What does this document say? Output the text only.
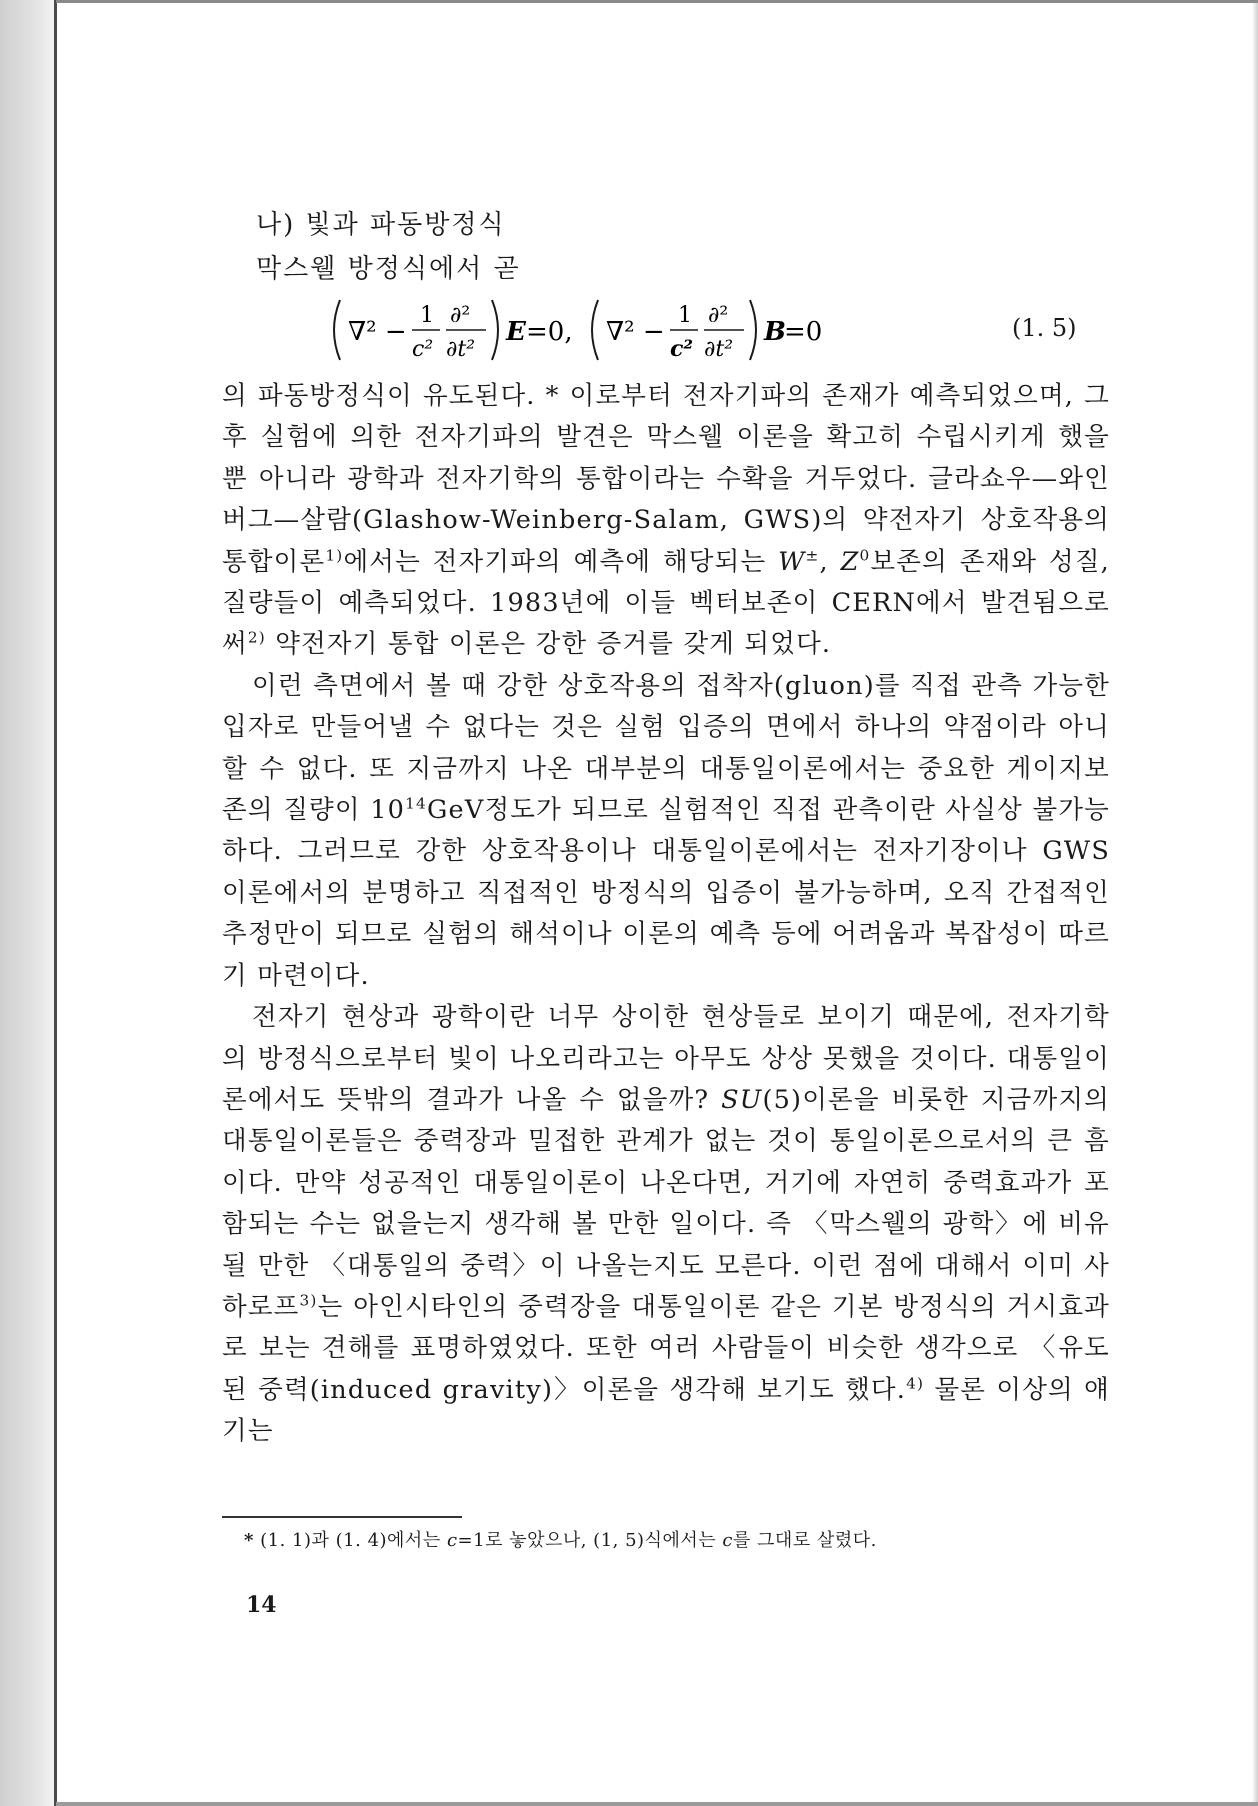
나) 빛과 파동방정식
막스웰 방정식에서 곧
∇² −
1
c²
∂²
∂t²
E =0, ∇² −
1
c²
∂²
∂t²
B
=0	(1. 5)

의 파동방정식이 유도된다. * 이로부터 전자기파의 존재가 예측되었으며, 그 후 실험에 의한 전자기파의 발견은 막스웰 이론을 확고히 수립시키게 했을 뿐 아니라 광학과 전자기학의 통합이라는 수확을 거두었다. 글라쇼우—와인버그—살람(Glashow-Weinberg-Salam, GWS)의 약전자기 상호작용의 통합이론$^{1)}$에서는 전자기파의 예측에 해당되는 W±, $Z^0$보존의 존재와 성질, 질량들이 예측되었다. 1983년에 이들 벡터보존이 CERN에서 발견됨으로써$^{2)}$ 약전자기 통합 이론은 강한 증거를 갖게 되었다.

이런 측면에서 볼 때 강한 상호작용의 접착자(gluon)를 직접 관측 가능한 입자로 만들어낼 수 없다는 것은 실험 입증의 면에서 하나의 약점이라 아니할 수 없다. 또 지금까지 나온 대부분의 대통일이론에서는 중요한 게이지보존의 질량이 $10^{14}GeV$정도가 되므로 실험적인 직접 관측이란 사실상 불가능하다. 그러므로 강한 상호작용이나 대통일이론에서는 전자기장이나 GWS 이론에서의 분명하고 직접적인 방정식의 입증이 불가능하며, 오직 간접적인 추정만이 되므로 실험의 해석이나 이론의 예측 등에 어려움과 복잡성이 따르기 마련이다.

전자기 현상과 광학이란 너무 상이한 현상들로 보이기 때문에, 전자기학의 방정식으로부터 빛이 나오리라고는 아무도 상상 못했을 것이다. 대통일이론에서도 뜻밖의 결과가 나올 수 없을까? SU(5)이론을 비롯한 지금까지의 대통일이론들은 중력장과 밀접한 관계가 없는 것이 통일이론으로서의 큰 흠이다. 만약 성공적인 대통일이론이 나온다면, 거기에 자연히 중력효과가 포함되는 수는 없을는지 생각해 볼 만한 일이다. 즉 〈막스웰의 광학〉에 비유될 만한 〈대통일의 중력〉이 나올는지도 모른다. 이런 점에 대해서 이미 사하로프$^{3)}$는 아인시타인의 중력장을 대통일이론 같은 기본 방정식의 거시효과로 보는 견해를 표명하였었다. 또한 여러 사람들이 비슷한 생각으로 〈유도된 중력(induced gravity)〉이론을 생각해 보기도 했다.$^{4)}$ 물론 이상의 얘기는

* (1. 1)과 (1. 4)에서는 c=1로 놓았으나, (1, 5)식에서는 c를 그대로 살렸다.
14
